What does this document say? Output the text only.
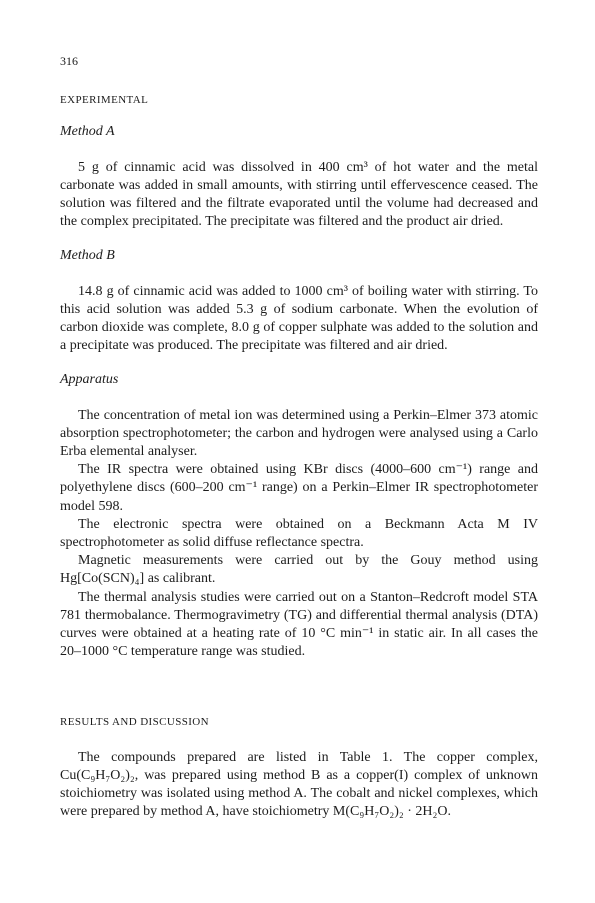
316
EXPERIMENTAL
Method A

5 g of cinnamic acid was dissolved in 400 cm³ of hot water and the metal carbonate was added in small amounts, with stirring until effervescence ceased. The solution was filtered and the filtrate evaporated until the volume had decreased and the complex precipitated. The precipitate was filtered and the product air dried.

Method B

14.8 g of cinnamic acid was added to 1000 cm³ of boiling water with stirring. To this acid solution was added 5.3 g of sodium carbonate. When the evolution of carbon dioxide was complete, 8.0 g of copper sulphate was added to the solution and a precipitate was produced. The precipitate was filtered and air dried.

Apparatus

The concentration of metal ion was determined using a Perkin–Elmer 373 atomic absorption spectrophotometer; the carbon and hydrogen were analysed using a Carlo Erba elemental analyser.

The IR spectra were obtained using KBr discs (4000–600 cm⁻¹) range and polyethylene discs (600–200 cm⁻¹ range) on a Perkin–Elmer IR spectrophotometer model 598.

The electronic spectra were obtained on a Beckmann Acta M IV spectrophotometer as solid diffuse reflectance spectra.

Magnetic measurements were carried out by the Gouy method using Hg[Co(SCN)₄] as calibrant.

The thermal analysis studies were carried out on a Stanton–Redcroft model STA 781 thermobalance. Thermogravimetry (TG) and differential thermal analysis (DTA) curves were obtained at a heating rate of 10 °C min⁻¹ in static air. In all cases the 20–1000 °C temperature range was studied.

RESULTS AND DISCUSSION

The compounds prepared are listed in Table 1. The copper complex, Cu(C₉H₇O₂)₂, was prepared using method B as a copper(I) complex of unknown stoichiometry was isolated using method A. The cobalt and nickel complexes, which were prepared by method A, have stoichiometry M(C₉H₇O₂)₂ · 2H₂O.
